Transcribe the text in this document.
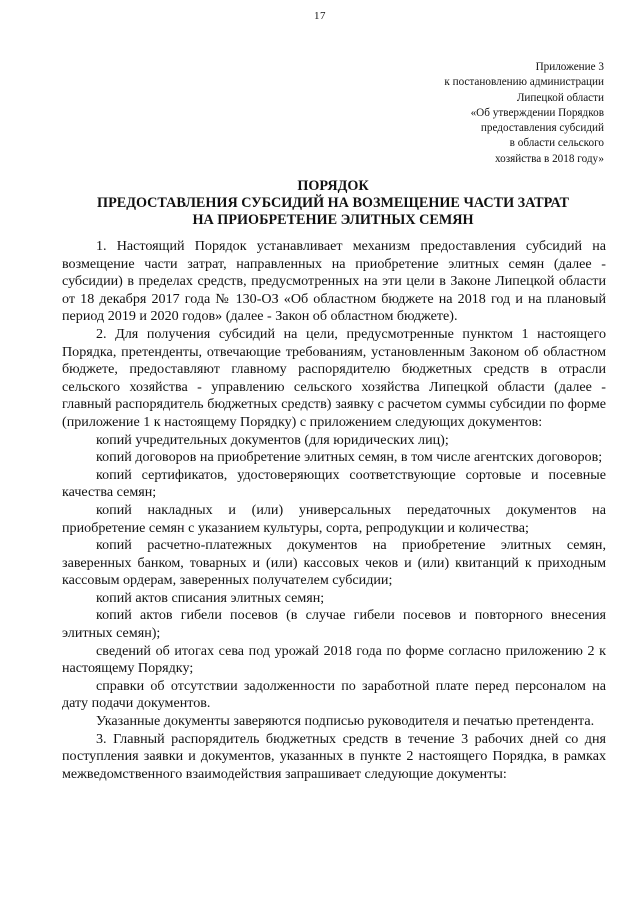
17
Приложение 3
к постановлению администрации
Липецкой области
«Об утверждении Порядков
предоставления субсидий
в области сельского
хозяйства в 2018 году»
ПОРЯДОК
ПРЕДОСТАВЛЕНИЯ СУБСИДИЙ НА ВОЗМЕЩЕНИЕ ЧАСТИ ЗАТРАТ
НА ПРИОБРЕТЕНИЕ ЭЛИТНЫХ СЕМЯН

1. Настоящий Порядок устанавливает механизм предоставления субсидий на возмещение части затрат, направленных на приобретение элитных семян (далее - субсидии) в пределах средств, предусмотренных на эти цели в Законе Липецкой области от 18 декабря 2017 года № 130-ОЗ «Об областном бюджете на 2018 год и на плановый период 2019 и 2020 годов» (далее - Закон об областном бюджете).

2. Для получения субсидий на цели, предусмотренные пунктом 1 настоящего Порядка, претенденты, отвечающие требованиям, установленным Законом об областном бюджете, предоставляют главному распорядителю бюджетных средств в отрасли сельского хозяйства - управлению сельского хозяйства Липецкой области (далее - главный распорядитель бюджетных средств) заявку с расчетом суммы субсидии по форме (приложение 1 к настоящему Порядку) с приложением следующих документов:

копий учредительных документов (для юридических лиц);

копий договоров на приобретение элитных семян, в том числе агентских договоров;

копий сертификатов, удостоверяющих соответствующие сортовые и посевные качества семян;

копий накладных и (или) универсальных передаточных документов на приобретение семян с указанием культуры, сорта, репродукции и количества;

копий расчетно-платежных документов на приобретение элитных семян, заверенных банком, товарных и (или) кассовых чеков и (или) квитанций к приходным кассовым ордерам, заверенных получателем субсидии;

копий актов списания элитных семян;

копий актов гибели посевов (в случае гибели посевов и повторного внесения элитных семян);

сведений об итогах сева под урожай 2018 года по форме согласно приложению 2 к настоящему Порядку;

справки об отсутствии задолженности по заработной плате перед персоналом на дату подачи документов.

Указанные документы заверяются подписью руководителя и печатью претендента.

3. Главный распорядитель бюджетных средств в течение 3 рабочих дней со дня поступления заявки и документов, указанных в пункте 2 настоящего Порядка, в рамках межведомственного взаимодействия запрашивает следующие документы:
